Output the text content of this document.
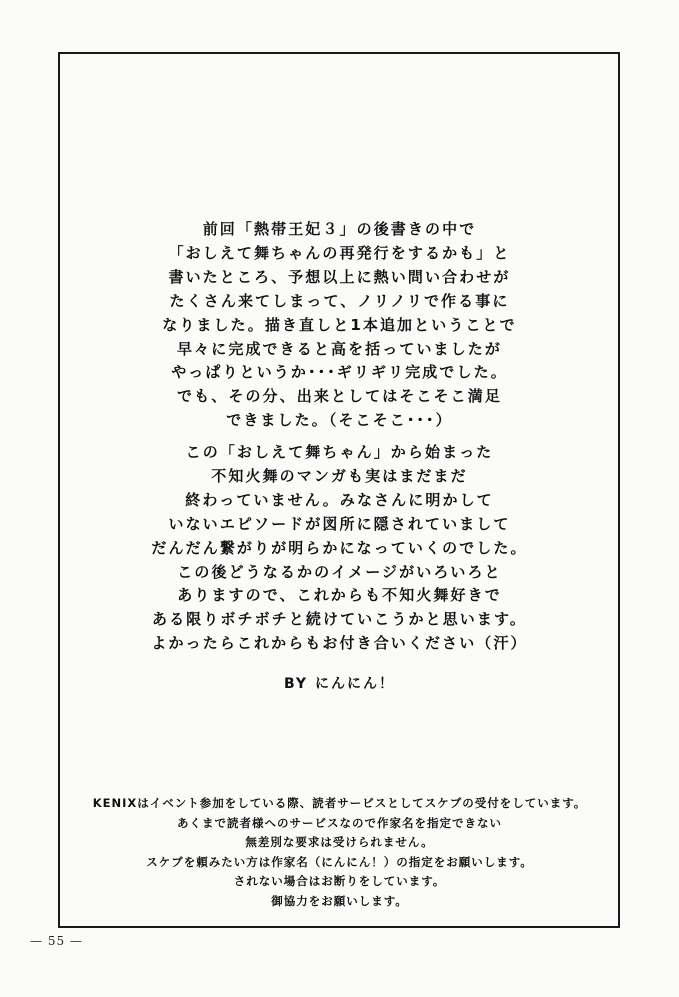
前回「熱帯王妃３」の後書きの中で
「おしえて舞ちゃんの再発行をするかも」と
書いたところ、予想以上に熱い問い合わせが
たくさん来てしまって、ノリノリで作る事に
なりました。描き直しと1本追加ということで
早々に完成できると高を括っていましたが
やっぱりというか･･･ギリギリ完成でした。
でも、その分、出来としてはそこそこ満足
できました。（そこそこ･･･）
この「おしえて舞ちゃん」から始まった
不知火舞のマンガも実はまだまだ
終わっていません。みなさんに明かして
いないエピソードが図所に隠されていまして
だんだん繋がりが明らかになっていくのでした。
この後どうなるかのイメージがいろいろと
ありますので、これからも不知火舞好きで
ある限りボチボチと続けていこうかと思います。
よかったらこれからもお付き合いください（汗）
BY にんにん！
KENIXはイベント参加をしている際、読者サービスとしてスケブの受付をしています。
あくまで読者様へのサービスなので作家名を指定できない
無差別な要求は受けられません。
スケブを頼みたい方は作家名（にんにん！）の指定をお願いします。
されない場合はお断りをしています。
御協力をお願いします。
— 55 —
